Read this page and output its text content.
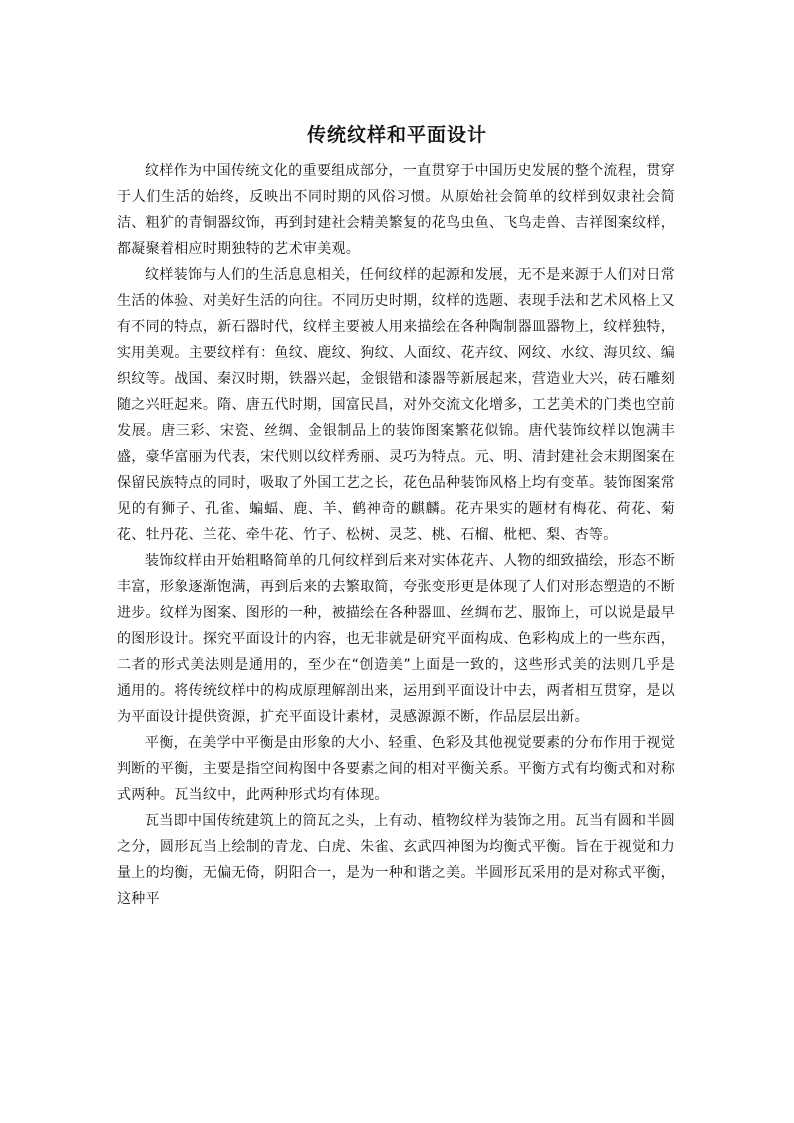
传统纹样和平面设计

纹样作为中国传统文化的重要组成部分，一直贯穿于中国历史发展的整个流程，贯穿于人们生活的始终，反映出不同时期的风俗习惯。从原始社会简单的纹样到奴隶社会简洁、粗犷的青铜器纹饰，再到封建社会精美繁复的花鸟虫鱼、飞鸟走兽、吉祥图案纹样，都凝聚着相应时期独特的艺术审美观。

纹样装饰与人们的生活息息相关，任何纹样的起源和发展，无不是来源于人们对日常生活的体验、对美好生活的向往。不同历史时期，纹样的选题、表现手法和艺术风格上又有不同的特点，新石器时代，纹样主要被人用来描绘在各种陶制器皿器物上，纹样独特，实用美观。主要纹样有：鱼纹、鹿纹、狗纹、人面纹、花卉纹、网纹、水纹、海贝纹、编织纹等。战国、秦汉时期，铁器兴起，金银错和漆器等新展起来，营造业大兴，砖石雕刻随之兴旺起来。隋、唐五代时期，国富民昌，对外交流文化增多，工艺美术的门类也空前发展。唐三彩、宋瓷、丝绸、金银制品上的装饰图案繁花似锦。唐代装饰纹样以饱满丰盛，豪华富丽为代表，宋代则以纹样秀丽、灵巧为特点。元、明、清封建社会末期图案在保留民族特点的同时，吸取了外国工艺之长，花色品种装饰风格上均有变革。装饰图案常见的有狮子、孔雀、蝙蝠、鹿、羊、鹤神奇的麒麟。花卉果实的题材有梅花、荷花、菊花、牡丹花、兰花、牵牛花、竹子、松树、灵芝、桃、石榴、枇杷、梨、杏等。

装饰纹样由开始粗略简单的几何纹样到后来对实体花卉、人物的细致描绘，形态不断丰富，形象逐渐饱满，再到后来的去繁取简，夸张变形更是体现了人们对形态塑造的不断进步。纹样为图案、图形的一种，被描绘在各种器皿、丝绸布艺、服饰上，可以说是最早的图形设计。探究平面设计的内容，也无非就是研究平面构成、色彩构成上的一些东西，二者的形式美法则是通用的，至少在“创造美”上面是一致的，这些形式美的法则几乎是通用的。将传统纹样中的构成原理解剖出来，运用到平面设计中去，两者相互贯穿，是以为平面设计提供资源，扩充平面设计素材，灵感源源不断，作品层层出新。

平衡，在美学中平衡是由形象的大小、轻重、色彩及其他视觉要素的分布作用于视觉判断的平衡，主要是指空间构图中各要素之间的相对平衡关系。平衡方式有均衡式和对称式两种。瓦当纹中，此两种形式均有体现。

瓦当即中国传统建筑上的筒瓦之头，上有动、植物纹样为装饰之用。瓦当有圆和半圆之分，圆形瓦当上绘制的青龙、白虎、朱雀、玄武四神图为均衡式平衡。旨在于视觉和力量上的均衡，无偏无倚，阴阳合一，是为一种和谐之美。半圆形瓦采用的是对称式平衡，这种平
